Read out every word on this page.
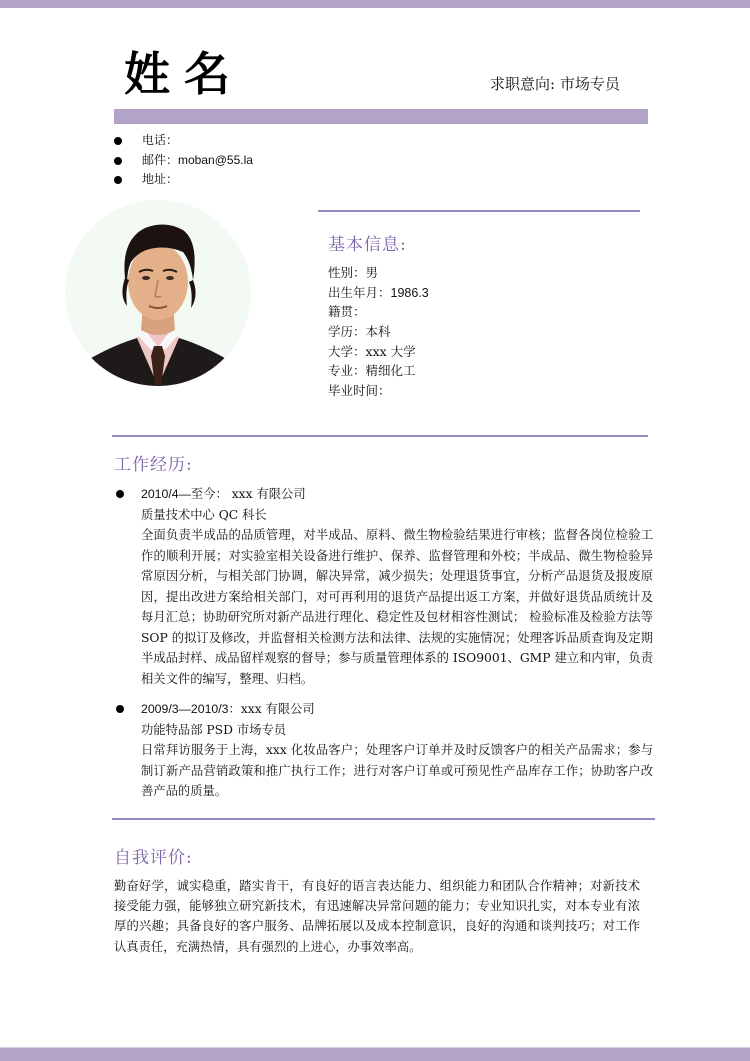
姓名	求职意向: 市场专员
电话：
邮件：moban@55.la
地址：
基本信息:
性别：男
出生年月：1986.3
籍贯：
学历：本科
大学：xxx 大学
专业：精细化工
毕业时间：
工作经历:
2010/4—至今： xxx 有限公司
质量技术中心 QC 科长
全面负责半成品的品质管理，对半成品、原料、微生物检验结果进行审核；监督各岗位检验工作的顺利开展；对实验室相关设备进行维护、保养、监督管理和外校；半成品、微生物检验异常原因分析，与相关部门协调，解决异常，减少损失；处理退货事宜，分析产品退货及报废原因，提出改进方案给相关部门，对可再利用的退货产品提出返工方案，并做好退货品质统计及每月汇总；协助研究所对新产品进行理化、稳定性及包材相容性测试； 检验标准及检验方法等 SOP 的拟订及修改，并监督相关检测方法和法律、法规的实施情况；处理客诉品质查询及定期半成品封样、成品留样观察的督导；参与质量管理体系的 ISO9001、GMP 建立和内审，负责相关文件的编写，整理、归档。
2009/3—2010/3：xxx 有限公司
功能特品部 PSD 市场专员
日常拜访服务于上海，xxx 化妆品客户；处理客户订单并及时反馈客户的相关产品需求；参与制订新产品营销政策和推广执行工作；进行对客户订单或可预见性产品库存工作；协助客户改善产品的质量。
自我评价:
勤奋好学，诚实稳重，踏实肯干，有良好的语言表达能力、组织能力和团队合作精神；对新技术接受能力强，能够独立研究新技术，有迅速解决异常问题的能力；专业知识扎实，对本专业有浓厚的兴趣；具备良好的客户服务、品牌拓展以及成本控制意识，良好的沟通和谈判技巧；对工作认真责任，充满热情，具有强烈的上进心，办事效率高。
